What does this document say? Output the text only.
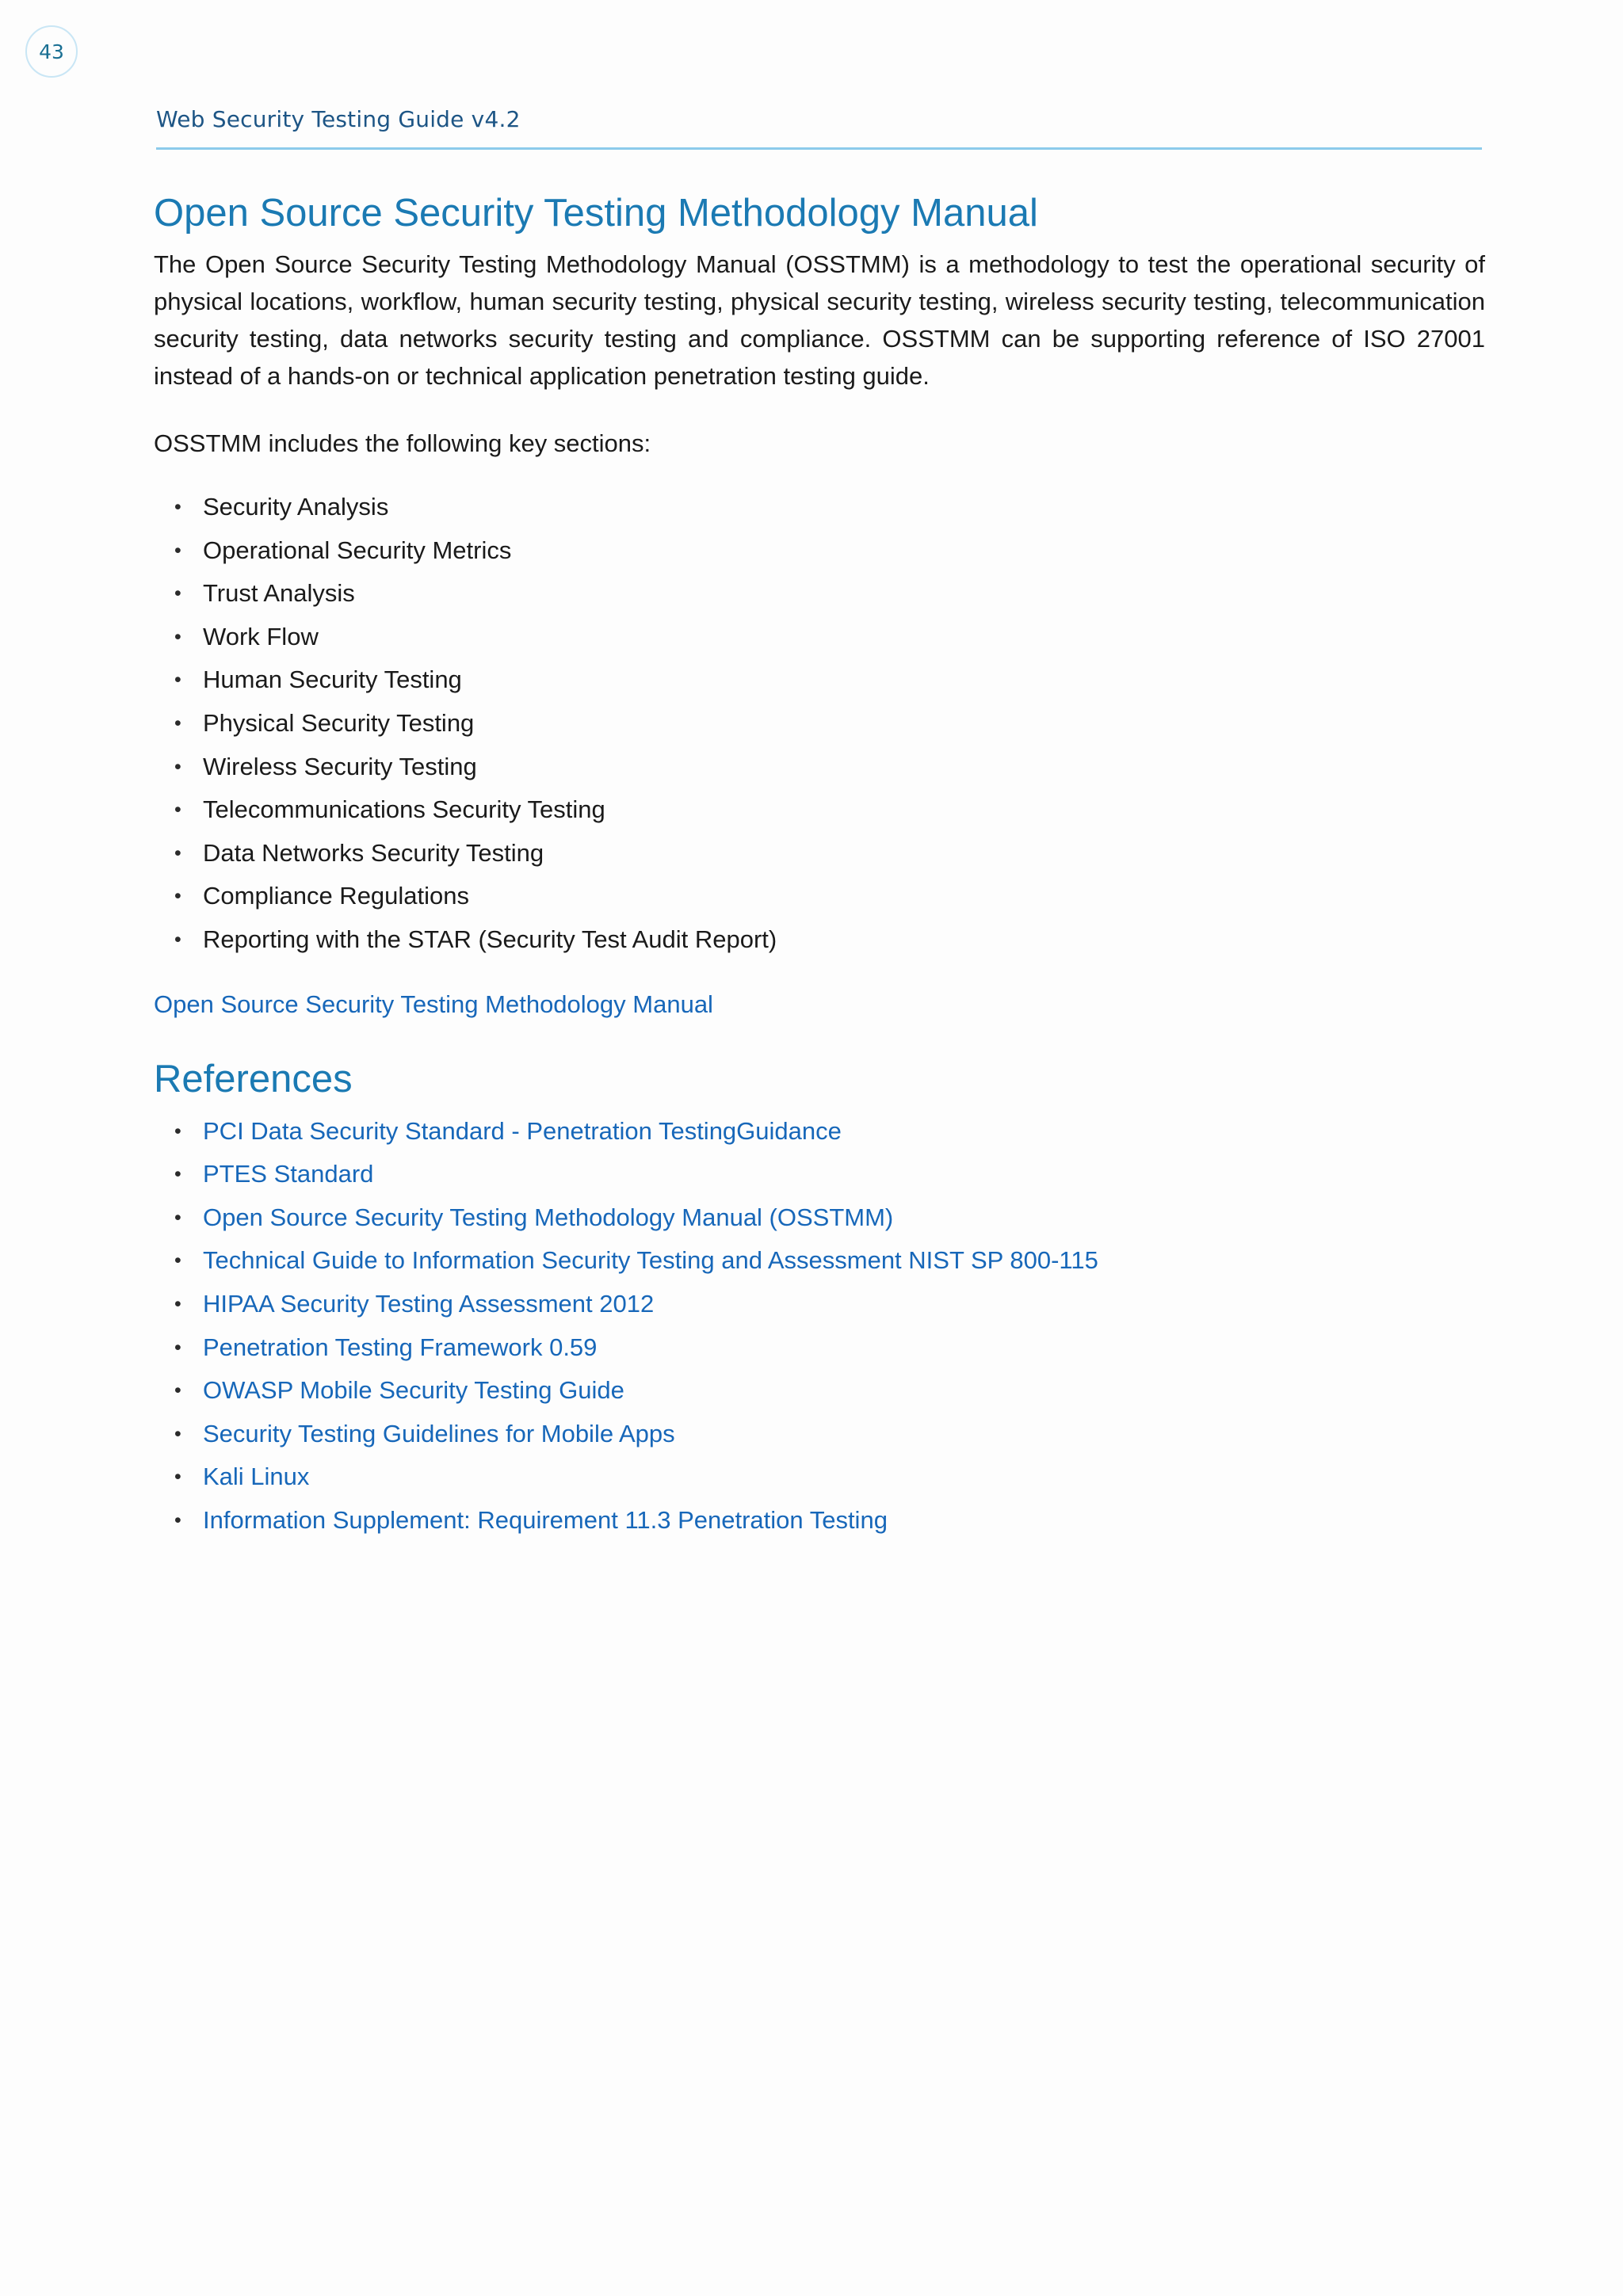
43
Web Security Testing Guide v4.2
Open Source Security Testing Methodology Manual

The Open Source Security Testing Methodology Manual (OSSTMM) is a methodology to test the operational security of physical locations, workflow, human security testing, physical security testing, wireless security testing, telecommunication security testing, data networks security testing and compliance. OSSTMM can be supporting reference of ISO 27001 instead of a hands-on or technical application penetration testing guide.

OSSTMM includes the following key sections:

• Security Analysis
• Operational Security Metrics
• Trust Analysis
• Work Flow
• Human Security Testing
• Physical Security Testing
• Wireless Security Testing
• Telecommunications Security Testing
• Data Networks Security Testing
• Compliance Regulations
• Reporting with the STAR (Security Test Audit Report)
Open Source Security Testing Methodology Manual
References
• PCI Data Security Standard - Penetration TestingGuidance
• PTES Standard
• Open Source Security Testing Methodology Manual (OSSTMM)
• Technical Guide to Information Security Testing and Assessment NIST SP 800-115
• HIPAA Security Testing Assessment 2012
• Penetration Testing Framework 0.59
• OWASP Mobile Security Testing Guide
• Security Testing Guidelines for Mobile Apps
• Kali Linux
• Information Supplement: Requirement 11.3 Penetration Testing
